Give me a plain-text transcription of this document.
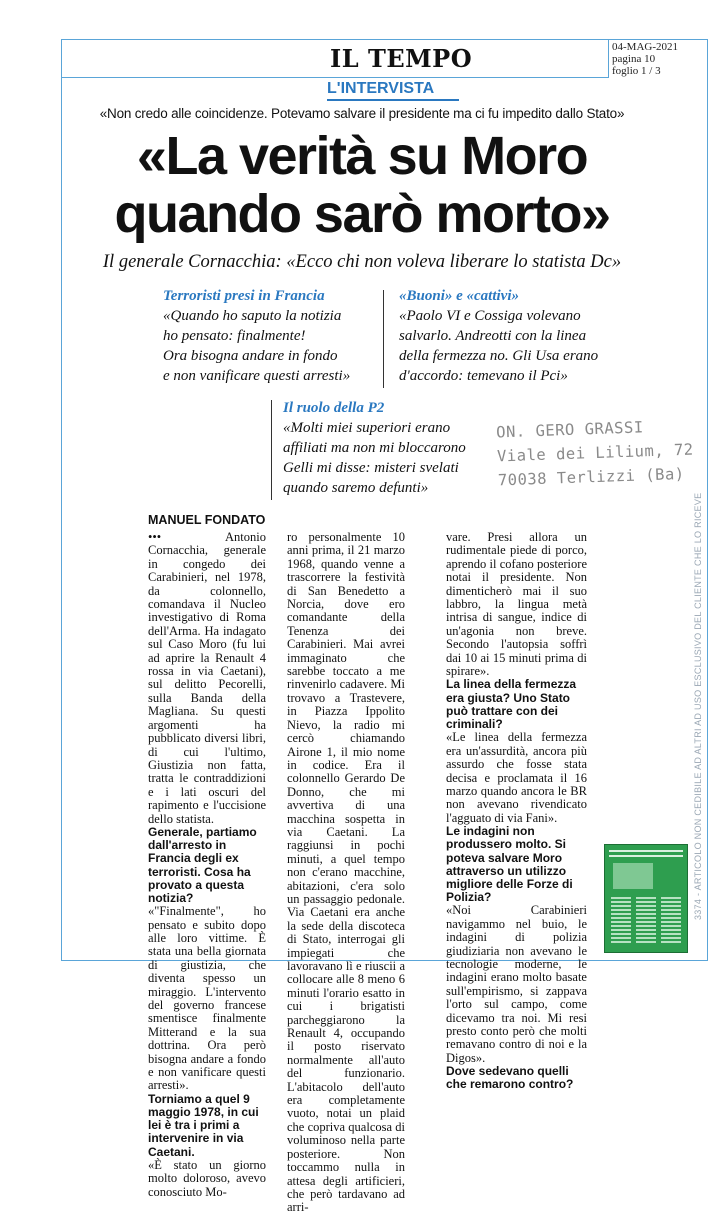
IL TEMPO	04-MAG-2021
pagina 10
foglio 1 / 3
L'INTERVISTA
«Non credo alle coincidenze. Potevamo salvare il presidente ma ci fu impedito dallo Stato»
«La verità su Moro
quando sarò morto»
Il generale Cornacchia: «Ecco chi non voleva liberare lo statista Dc»
Terroristi presi in Francia
«Quando ho saputo la notizia
ho pensato: finalmente!
Ora bisogna andare in fondo
e non vanificare questi arresti»
«Buoni» e «cattivi»
«Paolo VI e Cossiga volevano
salvarlo. Andreotti con la linea
della fermezza no. Gli Usa erano
d'accordo: temevano il Pci»
Il ruolo della P2
«Molti miei superiori erano
affiliati ma non mi bloccarono
Gelli mi disse: misteri svelati
quando saremo defunti»
ON. GERO GRASSI
Viale dei Lilium, 72
70038 Terlizzi (Ba)
3374 - ARTICOLO NON CEDIBILE AD ALTRI AD USO ESCLUSIVO DEL CLIENTE CHE LO RICEVE
MANUEL FONDATO

••• Antonio Cornacchia, generale in congedo dei Carabinieri, nel 1978, da colonnello, comandava il Nucleo investigativo di Roma dell'Arma. Ha indagato sul Caso Moro (fu lui ad aprire la Renault 4 rossa in via Caetani), sul delitto Pecorelli, sulla Banda della Magliana. Su questi argomenti ha pubblicato diversi libri, di cui l'ultimo, Giustizia non fatta, tratta le contraddizioni e i lati oscuri del rapimento e l'uccisione dello statista.

Generale, partiamo dall'arresto in Francia degli ex terroristi. Cosa ha provato a questa notizia?

«"Finalmente", ho pensato e subito dopo alle loro vittime. È stata una bella giornata di giustizia, che diventa spesso un miraggio. L'intervento del governo francese smentisce finalmente Mitterand e la sua dottrina. Ora però bisogna andare a fondo e non vanificare questi arresti».

Torniamo a quel 9 maggio 1978, in cui lei è tra i primi a intervenire in via Caetani.

«È stato un giorno molto doloroso, avevo conosciuto Mo-

ro personalmente 10 anni prima, il 21 marzo 1968, quando venne a trascorrere la festività di San Benedetto a Norcia, dove ero comandante della Tenenza dei Carabinieri. Mai avrei immaginato che sarebbe toccato a me rinvenirlo cadavere. Mi trovavo a Trastevere, in Piazza Ippolito Nievo, la radio mi cercò chiamando Airone 1, il mio nome in codice. Era il colonnello Gerardo De Donno, che mi avvertiva di una macchina sospetta in via Caetani. La raggiunsi in pochi minuti, a quel tempo non c'erano macchine, abitazioni, c'era solo un passaggio pedonale. Via Caetani era anche la sede della discoteca di Stato, interrogai gli impiegati che lavoravano lì e riuscii a collocare alle 8 meno 6 minuti l'orario esatto in cui i brigatisti parcheggiarono la Renault 4, occupando il posto riservato normalmente all'auto del funzionario. L'abitacolo dell'auto era completamente vuoto, notai un plaid che copriva qualcosa di voluminoso nella parte posteriore. Non toccammo nulla in attesa degli artificieri, che però tardavano ad arri-

vare. Presi allora un rudimentale piede di porco, aprendo il cofano posteriore notai il presidente. Non dimenticherò mai il suo labbro, la lingua metà intrisa di sangue, indice di un'agonia non breve. Secondo l'autopsia soffrì dai 10 ai 15 minuti prima di spirare».

La linea della fermezza era giusta? Uno Stato può trattare con dei criminali?

«Le linea della fermezza era un'assurdità, ancora più assurdo che fosse stata decisa e proclamata il 16 marzo quando ancora le BR non avevano rivendicato l'agguato di via Fani».

Le indagini non produssero molto. Si poteva salvare Moro attraverso un utilizzo migliore delle Forze di Polizia?

«Noi Carabinieri navigammo nel buio, le indagini di polizia giudiziaria non avevano le tecnologie moderne, le indagini erano molto basate sull'empirismo, si zappava l'orto sul campo, come dicevamo tra noi. Mi resi presto conto però che molti remavano contro di noi e la Digos».

Dove sedevano quelli che remarono contro?
